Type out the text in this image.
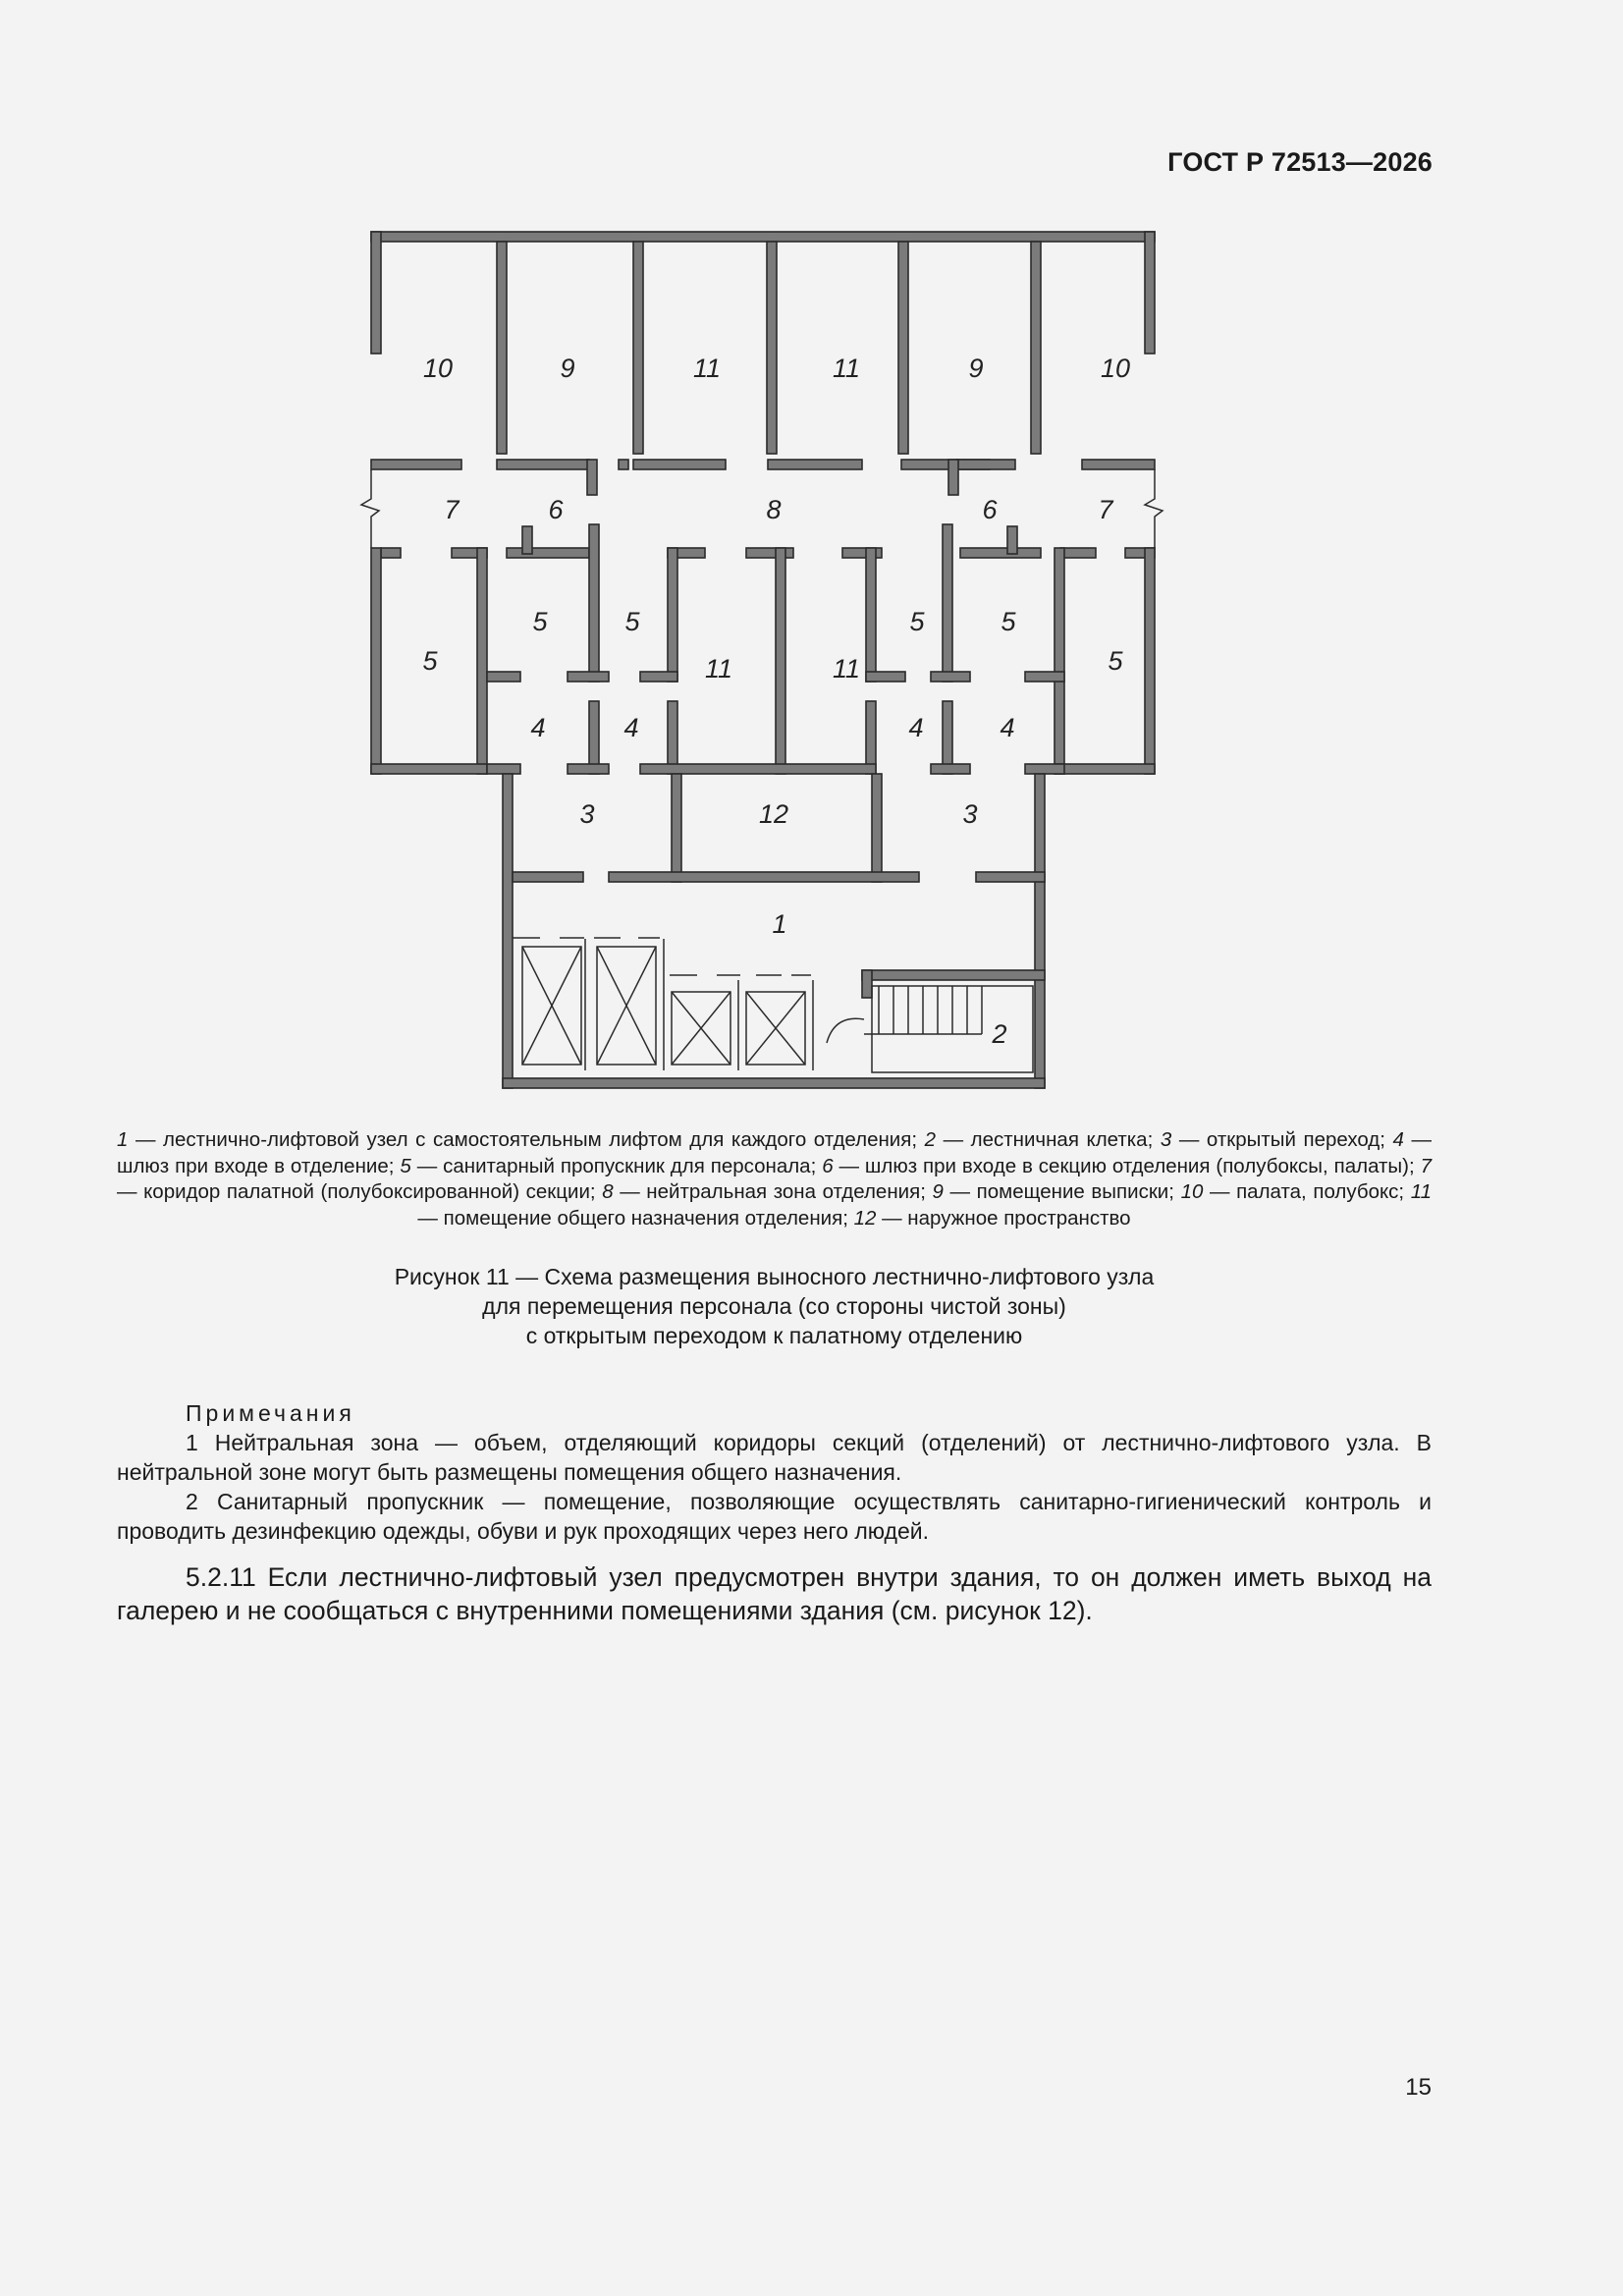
ГОСТ Р 72513—2026
10	9	11	11	9	10
7	6	8	6	7
5
5	5
11	11
5	5
5
4	4	4	4
3	12	3
1
2
1 — лестнично-лифтовой узел с самостоятельным лифтом для каждого отделения; 2 — лестничная клетка; 3 — открытый переход; 4 — шлюз при входе в отделение; 5 — санитарный пропускник для персонала; 6 — шлюз при входе в секцию отделения (полубоксы, палаты); 7 — коридор палатной (полубоксированной) секции; 8 — нейтральная зона отделения; 9 — помещение выписки; 10 — палата, полубокс; 11 — помещение общего назначения отделения; 12 — наружное пространство
Рисунок 11 — Схема размещения выносного лестнично-лифтового узла
для перемещения персонала (со стороны чистой зоны)
с открытым переходом к палатному отделению
Примечания

1 Нейтральная зона — объем, отделяющий коридоры секций (отделений) от лестнично-лифтового узла. В нейтральной зоне могут быть размещены помещения общего назначения.

2 Санитарный пропускник — помещение, позволяющие осуществлять санитарно-гигиенический контроль и проводить дезинфекцию одежды, обуви и рук проходящих через него людей.

5.2.11 Если лестнично-лифтовый узел предусмотрен внутри здания, то он должен иметь выход на галерею и не сообщаться с внутренними помещениями здания (см. рисунок 12).

15
